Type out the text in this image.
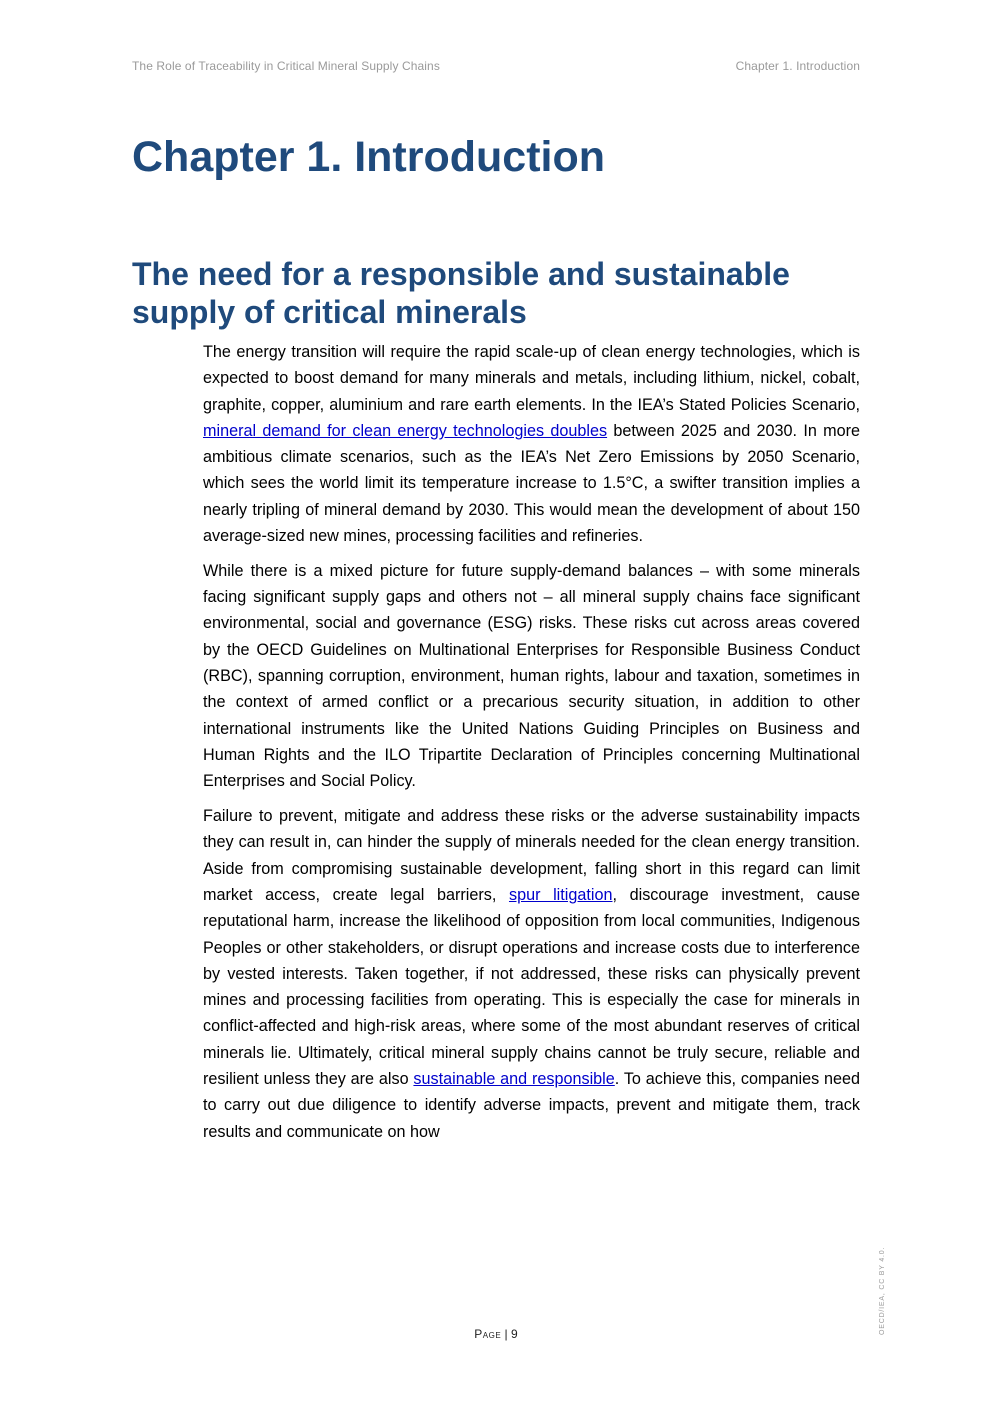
The Role of Traceability in Critical Mineral Supply Chains	Chapter 1. Introduction
Chapter 1. Introduction
The need for a responsible and sustainable supply of critical minerals

The energy transition will require the rapid scale-up of clean energy technologies, which is expected to boost demand for many minerals and metals, including lithium, nickel, cobalt, graphite, copper, aluminium and rare earth elements. In the IEA’s Stated Policies Scenario, mineral demand for clean energy technologies doubles between 2025 and 2030. In more ambitious climate scenarios, such as the IEA’s Net Zero Emissions by 2050 Scenario, which sees the world limit its temperature increase to 1.5°C, a swifter transition implies a nearly tripling of mineral demand by 2030. This would mean the development of about 150 average-sized new mines, processing facilities and refineries.

While there is a mixed picture for future supply-demand balances – with some minerals facing significant supply gaps and others not – all mineral supply chains face significant environmental, social and governance (ESG) risks. These risks cut across areas covered by the OECD Guidelines on Multinational Enterprises for Responsible Business Conduct (RBC), spanning corruption, environment, human rights, labour and taxation, sometimes in the context of armed conflict or a precarious security situation, in addition to other international instruments like the United Nations Guiding Principles on Business and Human Rights and the ILO Tripartite Declaration of Principles concerning Multinational Enterprises and Social Policy.

Failure to prevent, mitigate and address these risks or the adverse sustainability impacts they can result in, can hinder the supply of minerals needed for the clean energy transition. Aside from compromising sustainable development, falling short in this regard can limit market access, create legal barriers, spur litigation, discourage investment, cause reputational harm, increase the likelihood of opposition from local communities, Indigenous Peoples or other stakeholders, or disrupt operations and increase costs due to interference by vested interests. Taken together, if not addressed, these risks can physically prevent mines and processing facilities from operating. This is especially the case for minerals in conflict-affected and high-risk areas, where some of the most abundant reserves of critical minerals lie. Ultimately, critical mineral supply chains cannot be truly secure, reliable and resilient unless they are also sustainable and responsible. To achieve this, companies need to carry out due diligence to identify adverse impacts, prevent and mitigate them, track results and communicate on how

Page | 9	OECD/IEA, CC BY 4.0.
